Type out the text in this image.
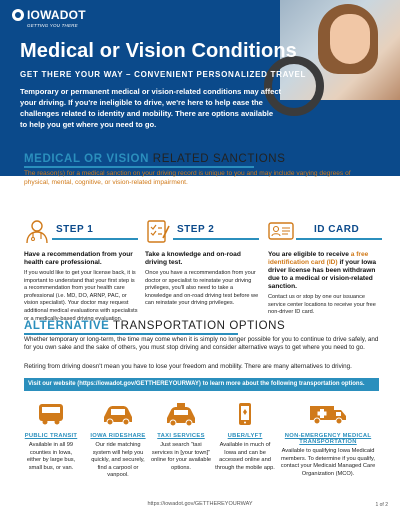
IOWADOT
GETTING YOU THERE
Medical or Vision Conditions
GET THERE YOUR WAY – CONVENIENT PERSONALIZED TRAVEL
Temporary or permanent medical or vision-related conditions may affect your driving. If you're ineligible to drive, we're here to help ease the challenges related to identity and mobility. There are options available to help you get where you need to go.
MEDICAL OR VISION RELATED SANCTIONS
The reason(s) for a medical sanction on your driving record is unique to you and may include varying degrees of physical, mental, cognitive, or vision-related impairment.
STEP 1
Have a recommendation from your health care professional.
If you would like to get your license back, it is important to understand that your first step is a recommendation from your health care professional (i.e. MD, DO, ARNP, PAC, or vision specialist). Your doctor may request additional medical evaluations with specialists or a medically-based driving evaluation.
STEP 2
Take a knowledge and on-road driving test.
Once you have a recommendation from your doctor or specialist to reinstate your driving privileges, you'll also need to take a knowledge and on-road driving test before we can reinstate your driving privileges.
ID CARD
You are eligible to receive a free identification card (ID) if your Iowa driver license has been withdrawn due to a medical or vision-related sanction.
Contact us or stop by one our issuance service center locations to receive your free non-driver ID card.
ALTERNATIVE TRANSPORTATION OPTIONS
Whether temporary or long-term, the time may come when it is simply no longer possible for you to continue to drive safely, and for you own sake and the sake of others, you must stop driving and consider alternative ways to get where you need to go.
Retiring from driving doesn't mean you have to lose your freedom and mobility. There are many alternatives to driving.
Visit our website (https://iowadot.gov/GETTHEREYOURWAY) to learn more about the following transportation options.
PUBLIC TRANSIT
Available in all 99 counties in Iowa, either by large bus, small bus, or van.
IOWA RIDESHARE
Our ride matching system will help you quickly, and securely, find a carpool or vanpool.
TAXI SERVICES
Just search “taxi services in [your town]” online for your available options.
UBER/LYFT
Available in much of Iowa and can be accessed online and through the mobile app.
NON-EMERGENCY MEDICAL TRANSPORTATION
Available to qualifying Iowa Medicaid members. To determine if you qualify, contact your Medicaid Managed Care Organization (MCO).
https://iowadot.gov/GETTHEREYOURWAY	1 of 2
